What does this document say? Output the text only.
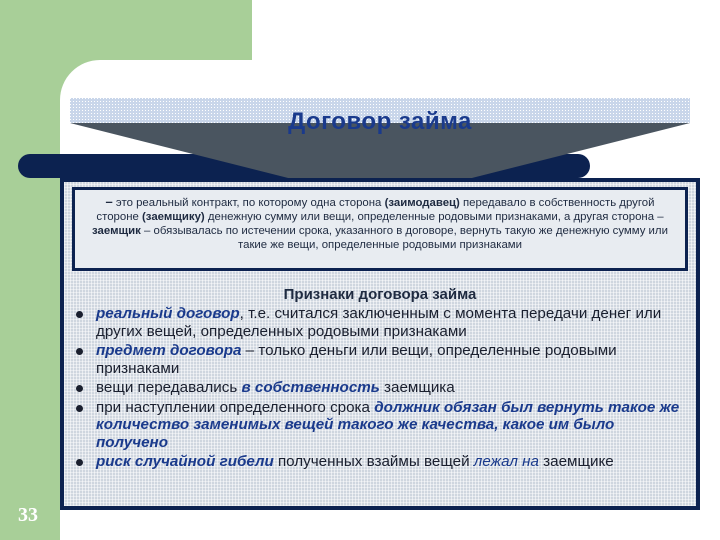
33
Договор займа
– это реальный контракт, по которому одна сторона (заимодавец) передавало в собственность другой стороне (заемщику) денежную сумму или вещи, определенные родовыми признаками, а другая сторона – заемщик – обязывалась по истечении срока, указанного в договоре, вернуть такую же денежную сумму или такие же вещи, определенные родовыми признаками
Признаки договора займа
реальный договор, т.е. считался заключенным с момента передачи денег или других вещей, определенных родовыми признаками
предмет договора – только деньги или вещи, определенные родовыми признаками
вещи передавались в собственность заемщика
при наступлении определенного срока должник обязан был вернуть такое же количество заменимых вещей такого же качества, какое им было получено
риск случайной гибели полученных взаймы вещей лежал на заемщике
